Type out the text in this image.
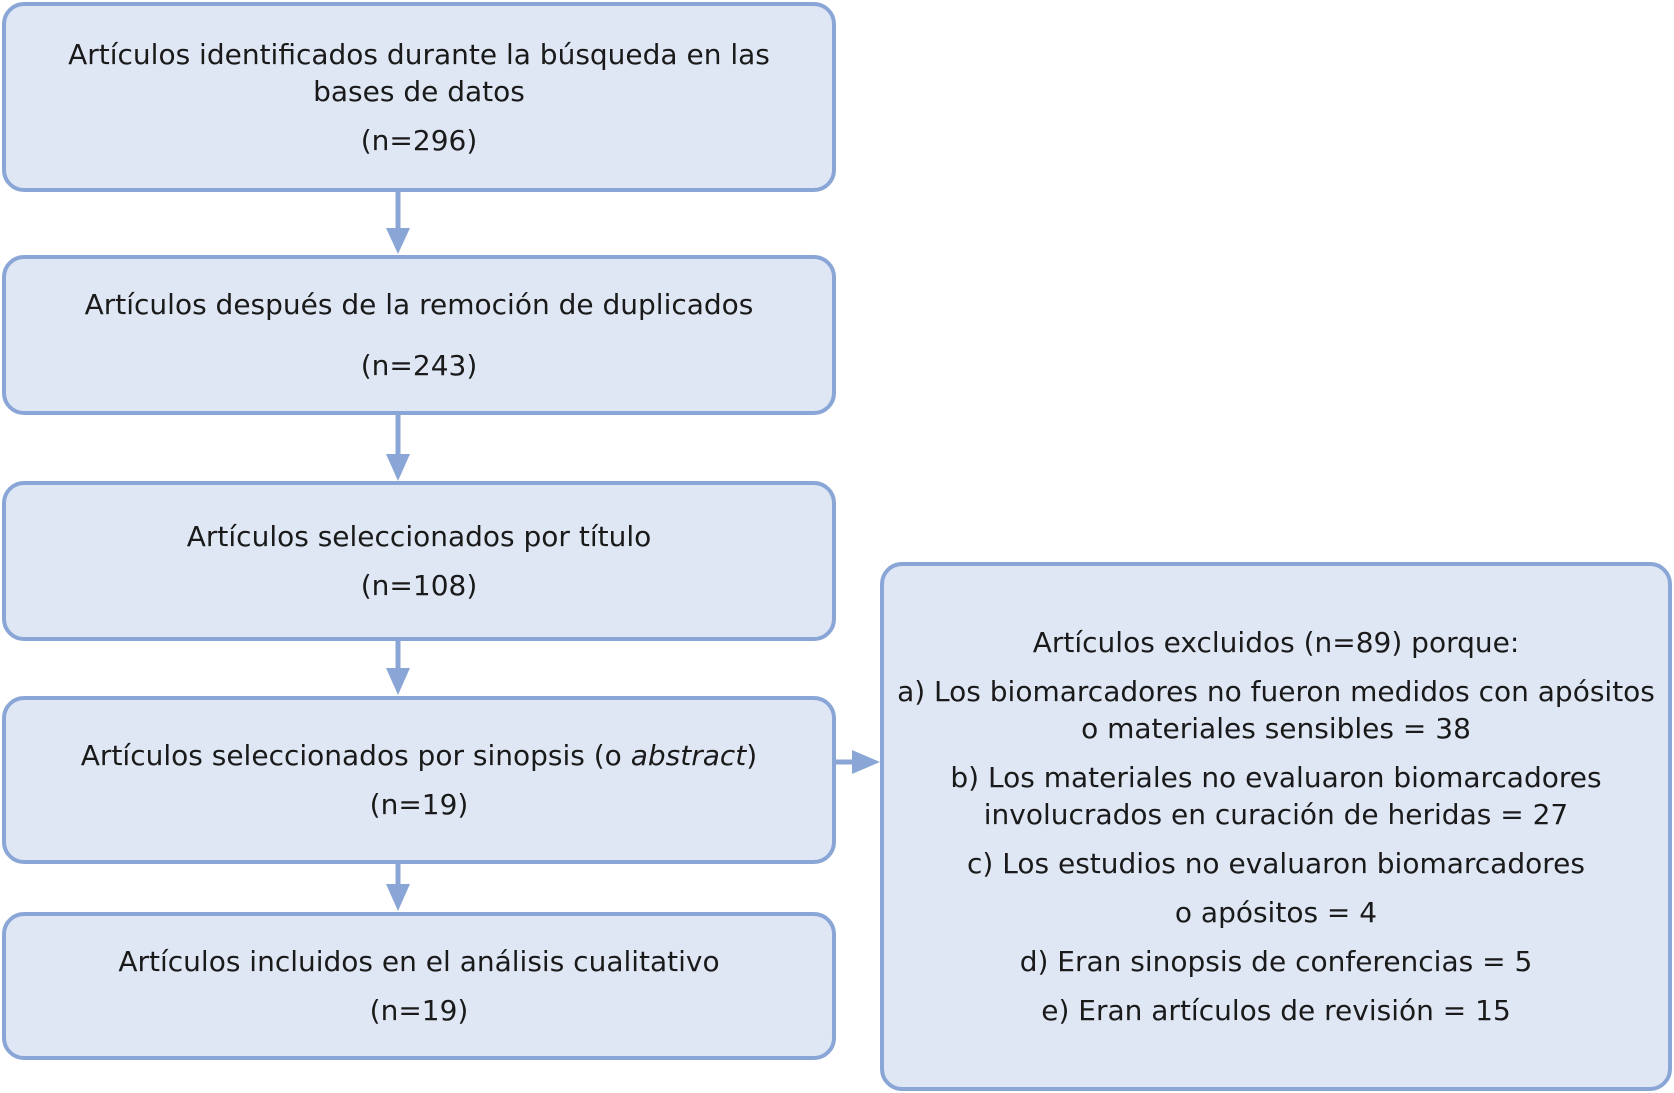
Artículos identificados durante la búsqueda en las
bases de datos
(n=296)
Artículos después de la remoción de duplicados
(n=243)
Artículos seleccionados por título
(n=108)
Artículos seleccionados por sinopsis (o abstract)
(n=19)
Artículos incluidos en el análisis cualitativo
(n=19)
Artículos excluidos (n=89) porque:
a) Los biomarcadores no fueron medidos con apósitos
o materiales sensibles = 38
b) Los materiales no evaluaron biomarcadores
involucrados en curación de heridas = 27
c) Los estudios no evaluaron biomarcadores
o apósitos = 4
d) Eran sinopsis de conferencias = 5
e) Eran artículos de revisión = 15
